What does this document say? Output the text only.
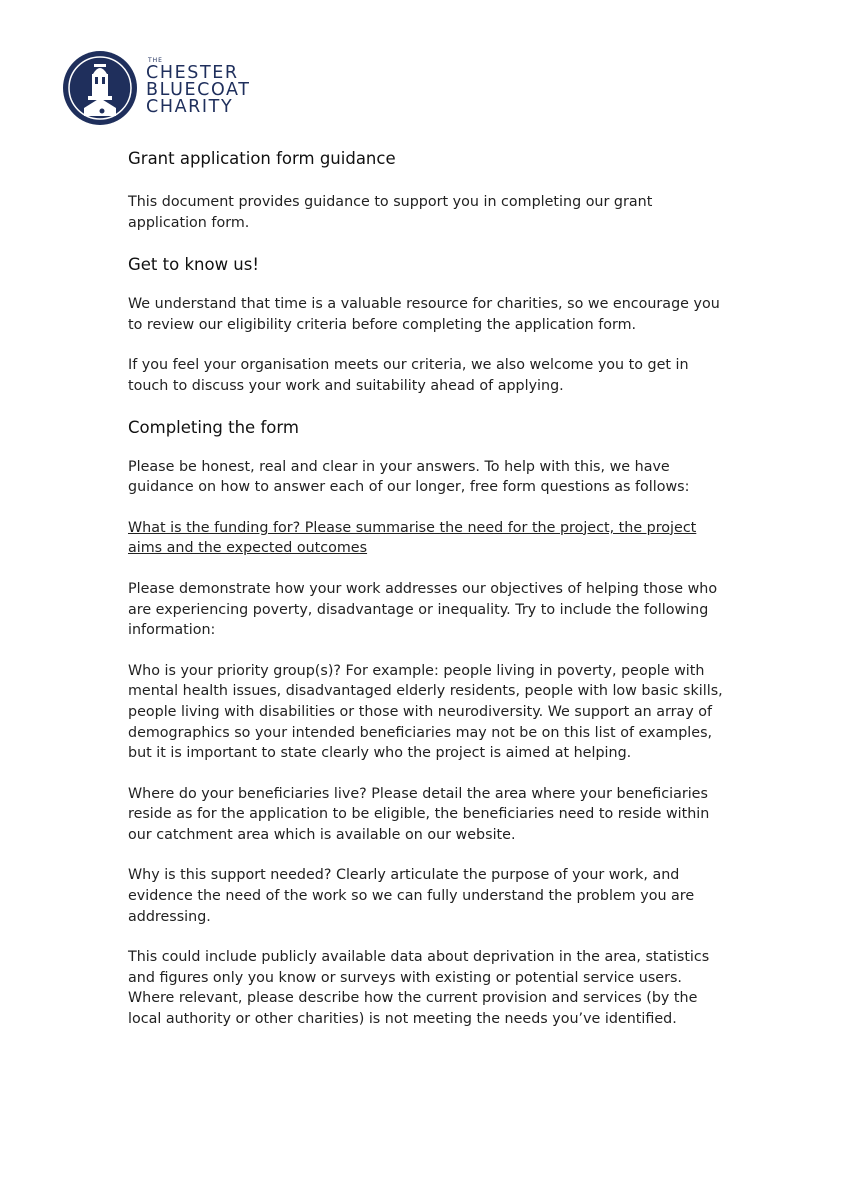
THE
CHESTER
BLUECOAT
CHARITY
Grant application form guidance

This document provides guidance to support you in completing our grant application form.

Get to know us!

We understand that time is a valuable resource for charities, so we encourage you to review our eligibility criteria before completing the application form.

If you feel your organisation meets our criteria, we also welcome you to get in touch to discuss your work and suitability ahead of applying.

Completing the form

Please be honest, real and clear in your answers. To help with this, we have guidance on how to answer each of our longer, free form questions as follows:

What is the funding for? Please summarise the need for the project, the project aims and the expected outcomes

Please demonstrate how your work addresses our objectives of helping those who are experiencing poverty, disadvantage or inequality. Try to include the following information:

Who is your priority group(s)? For example: people living in poverty, people with mental health issues, disadvantaged elderly residents, people with low basic skills, people living with disabilities or those with neurodiversity. We support an array of demographics so your intended beneficiaries may not be on this list of examples, but it is important to state clearly who the project is aimed at helping.

Where do your beneficiaries live? Please detail the area where your beneficiaries reside as for the application to be eligible, the beneficiaries need to reside within our catchment area which is available on our website.

Why is this support needed? Clearly articulate the purpose of your work, and evidence the need of the work so we can fully understand the problem you are addressing.

This could include publicly available data about deprivation in the area, statistics and figures only you know or surveys with existing or potential service users. Where relevant, please describe how the current provision and services (by the local authority or other charities) is not meeting the needs you’ve identified.
